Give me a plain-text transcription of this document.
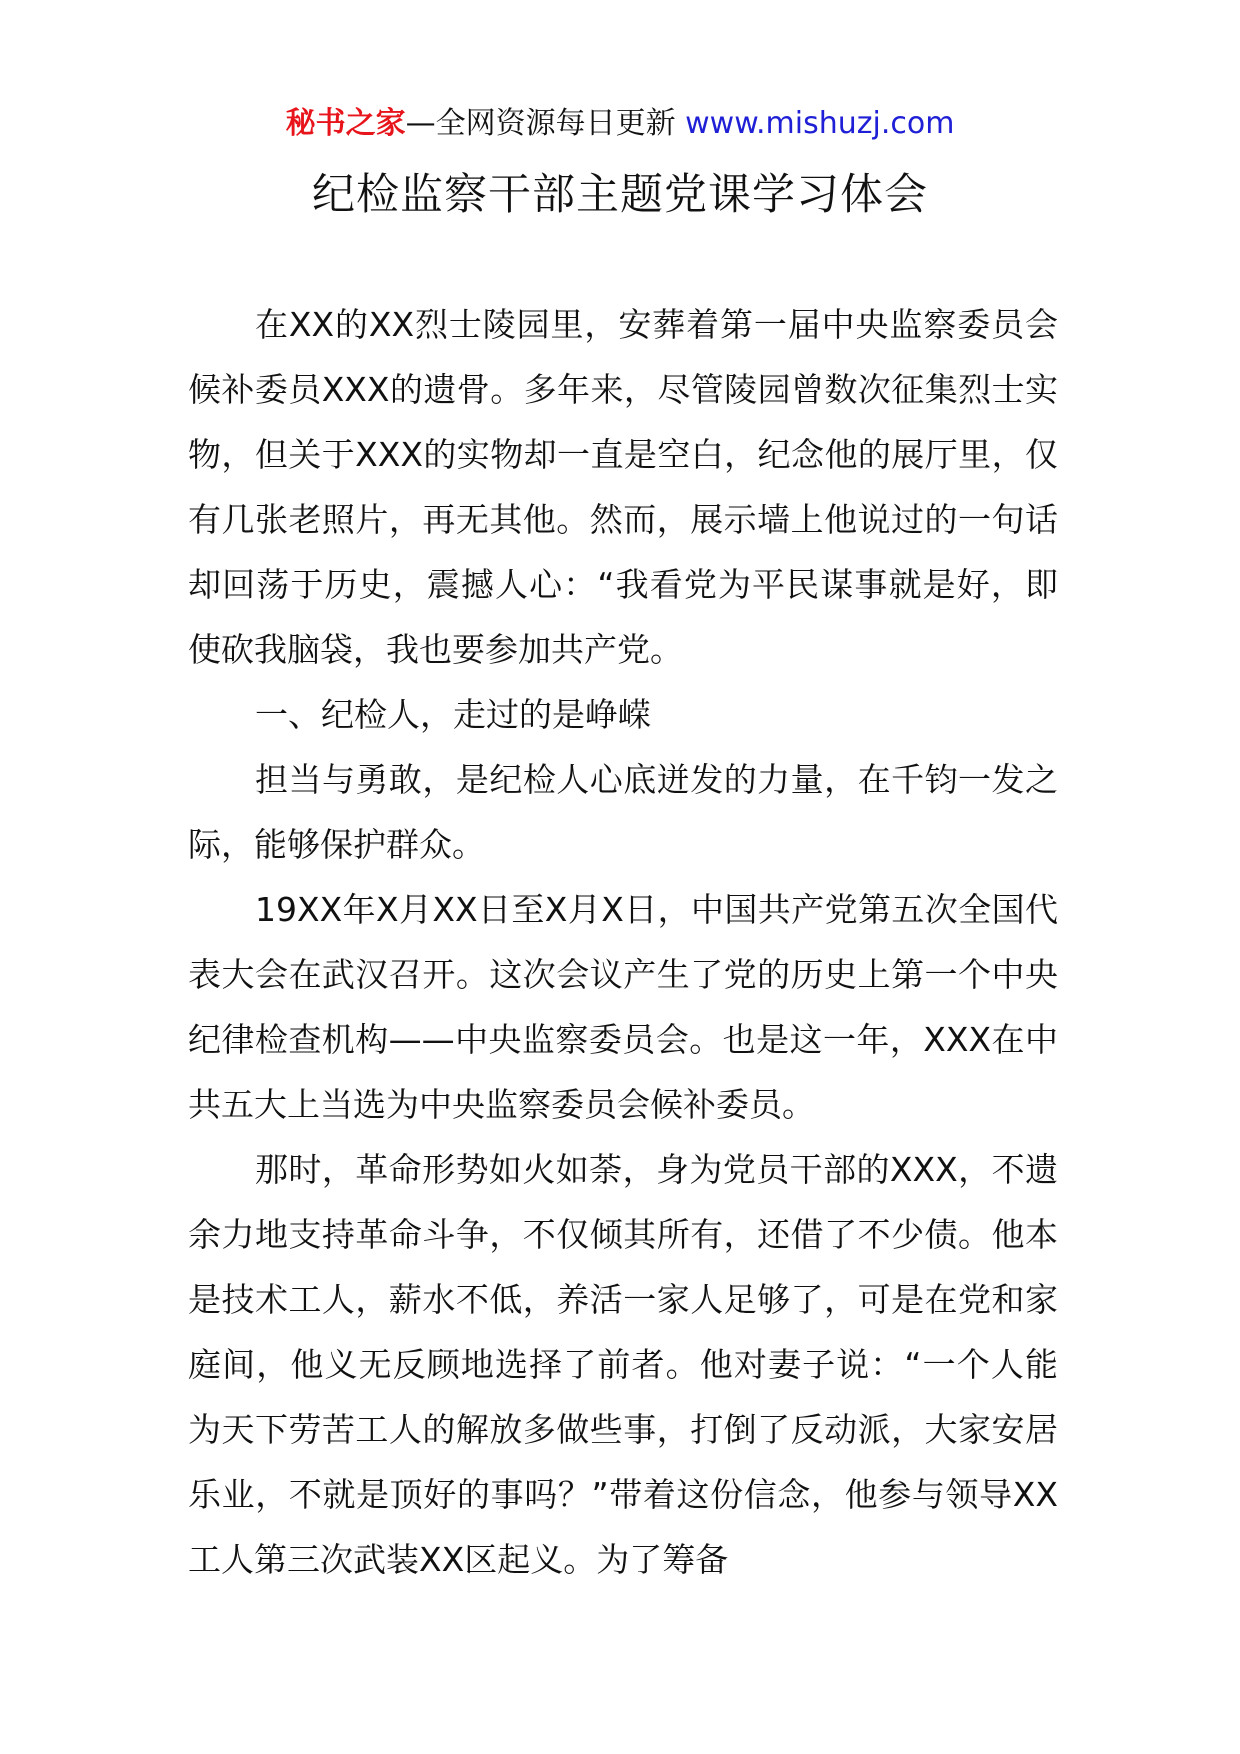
秘书之家—全网资源每日更新 www.mishuzj.com
纪检监察干部主题党课学习体会

在XX的XX烈士陵园里，安葬着第一届中央监察委员会候补委员XXX的遗骨。多年来，尽管陵园曾数次征集烈士实物，但关于XXX的实物却一直是空白，纪念他的展厅里，仅有几张老照片，再无其他。然而，展示墙上他说过的一句话却回荡于历史，震撼人心：“我看党为平民谋事就是好，即使砍我脑袋，我也要参加共产党。

一、纪检人，走过的是峥嵘

担当与勇敢，是纪检人心底迸发的力量，在千钧一发之际，能够保护群众。

19XX年X月XX日至X月X日，中国共产党第五次全国代表大会在武汉召开。这次会议产生了党的历史上第一个中央纪律检查机构——中央监察委员会。也是这一年，XXX在中共五大上当选为中央监察委员会候补委员。

那时，革命形势如火如荼，身为党员干部的XXX，不遗余力地支持革命斗争，不仅倾其所有，还借了不少债。他本是技术工人，薪水不低，养活一家人足够了，可是在党和家庭间，他义无反顾地选择了前者。他对妻子说：“一个人能为天下劳苦工人的解放多做些事，打倒了反动派，大家安居乐业，不就是顶好的事吗？”带着这份信念，他参与领导XX工人第三次武装XX区起义。为了筹备
